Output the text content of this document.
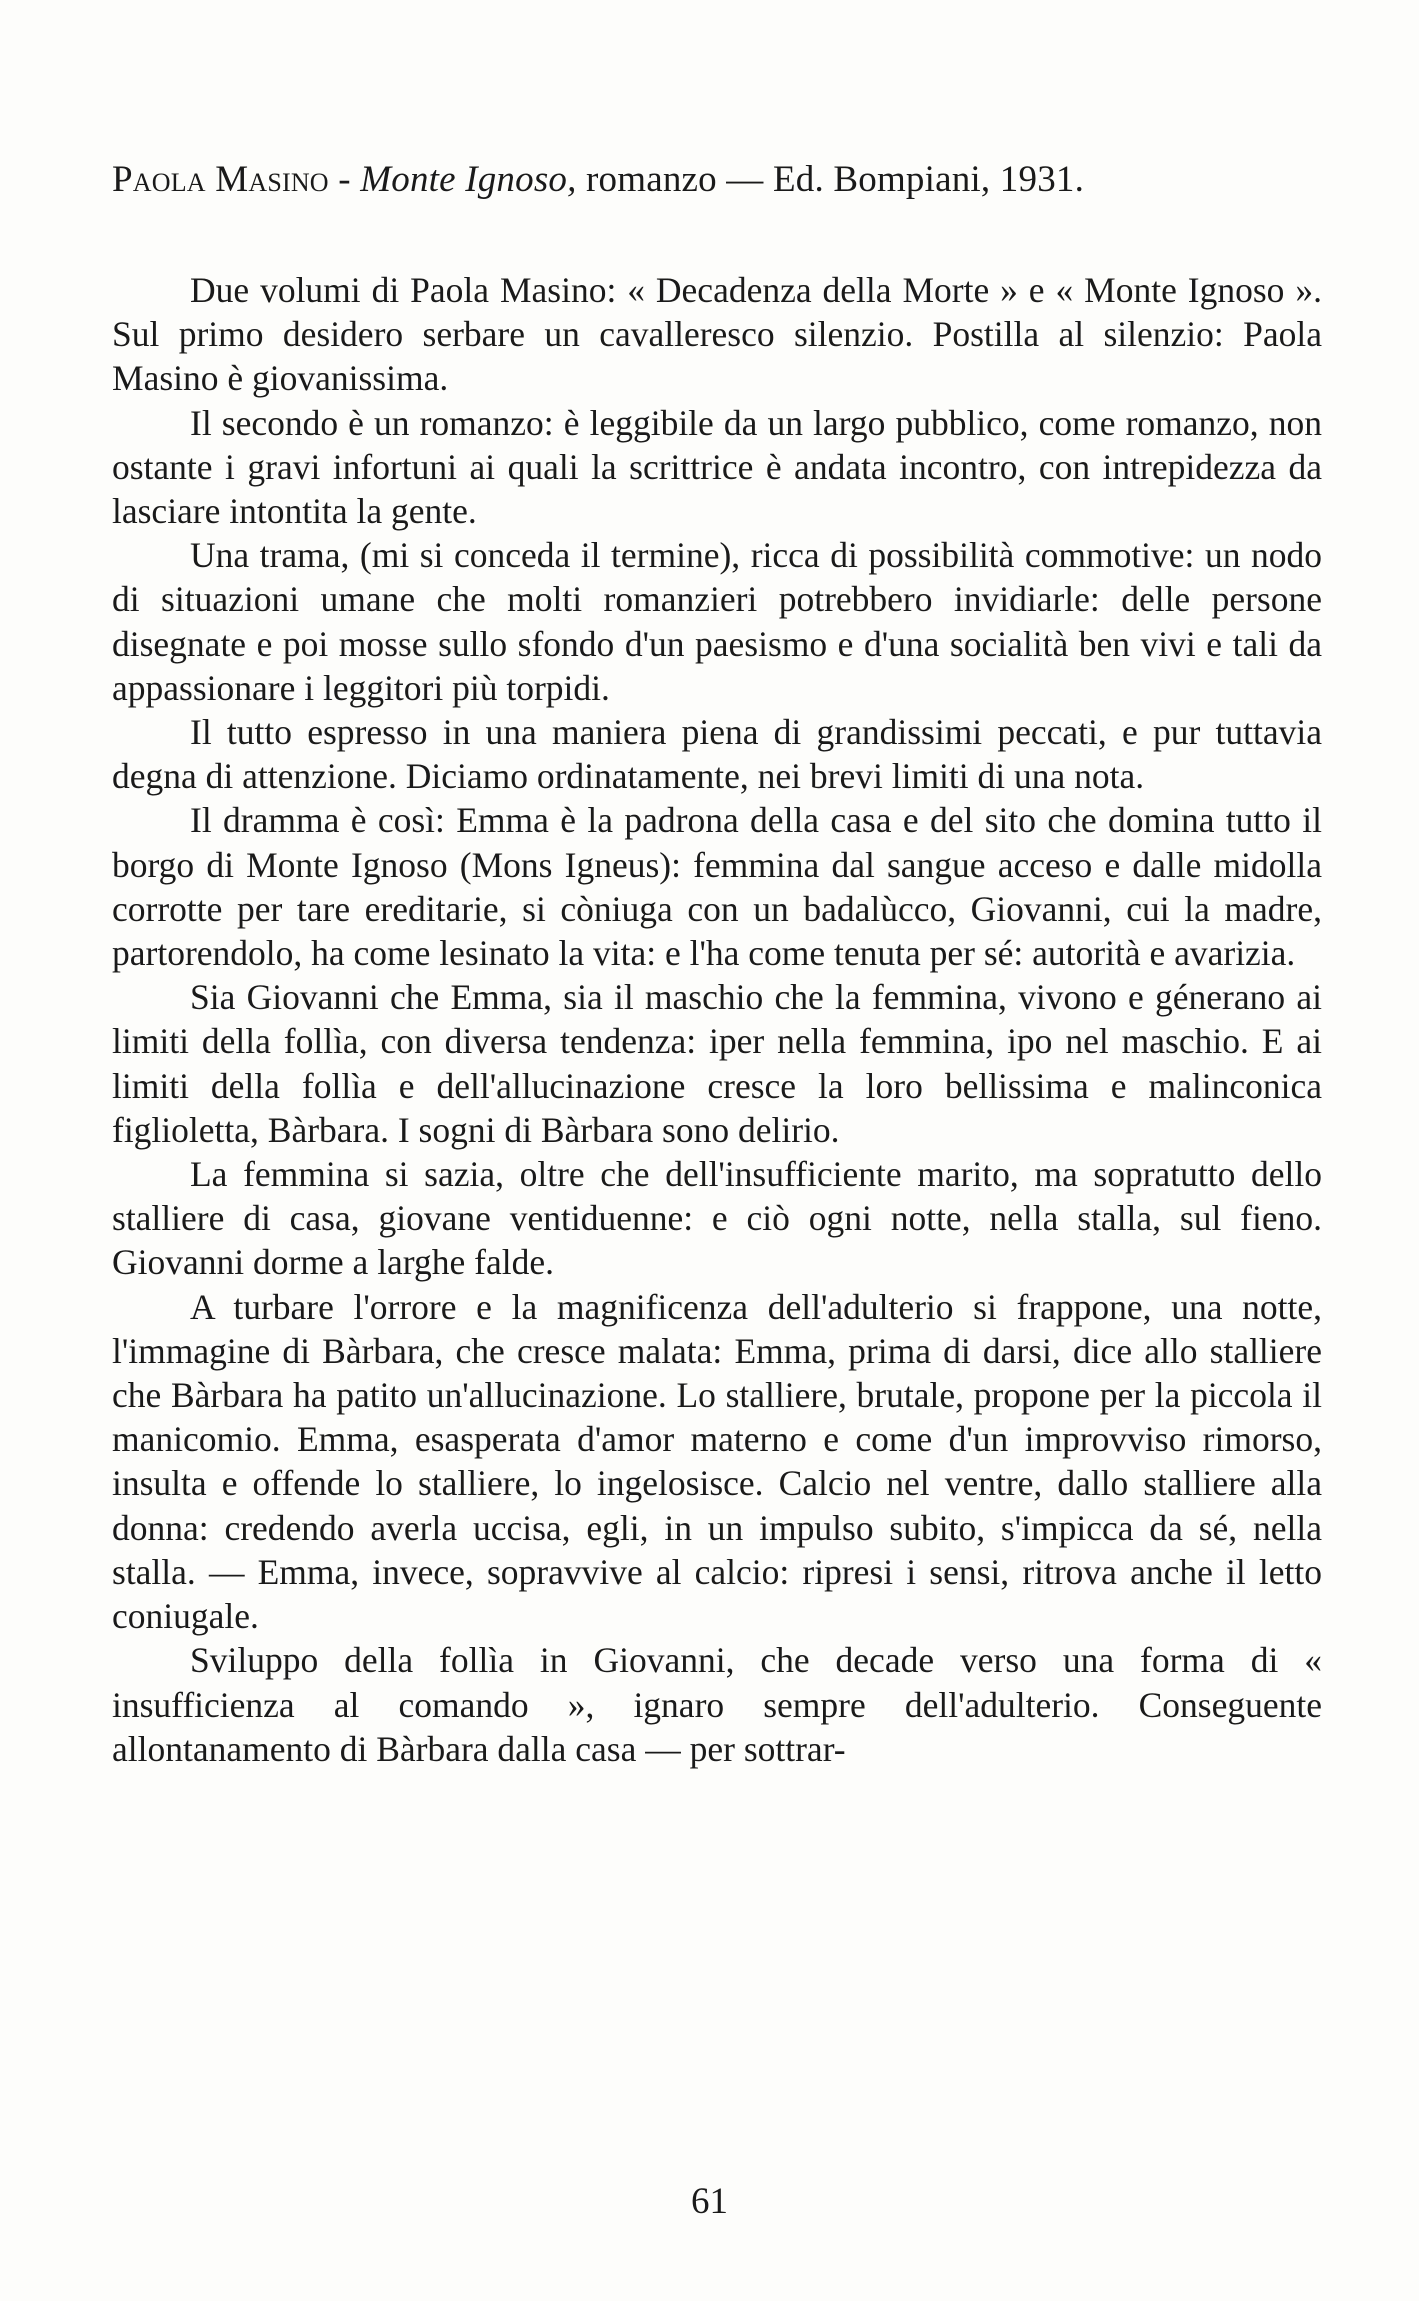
Paola Masino - Monte Ignoso, romanzo — Ed. Bompiani, 1931.

Due volumi di Paola Masino: « Decadenza della Morte » e « Monte Ignoso ». Sul primo desidero serbare un cavalleresco silenzio. Postilla al silenzio: Paola Masino è giovanissima.

Il secondo è un romanzo: è leggibile da un largo pubblico, come romanzo, non ostante i gravi infortuni ai quali la scrittrice è andata incontro, con intrepidezza da lasciare intontita la gente.

Una trama, (mi si conceda il termine), ricca di possibilità commotive: un nodo di situazioni umane che molti romanzieri potrebbero invidiarle: delle persone disegnate e poi mosse sullo sfondo d'un paesismo e d'una socialità ben vivi e tali da appassionare i leggitori più torpidi.

Il tutto espresso in una maniera piena di grandissimi peccati, e pur tuttavia degna di attenzione. Diciamo ordinatamente, nei brevi limiti di una nota.

Il dramma è così: Emma è la padrona della casa e del sito che domina tutto il borgo di Monte Ignoso (Mons Igneus): femmina dal sangue acceso e dalle midolla corrotte per tare ereditarie, si còniuga con un badalùcco, Giovanni, cui la madre, partorendolo, ha come lesinato la vita: e l'ha come tenuta per sé: autorità e avarizia.

Sia Giovanni che Emma, sia il maschio che la femmina, vivono e génerano ai limiti della follìa, con diversa tendenza: iper nella femmina, ipo nel maschio. E ai limiti della follìa e dell'allucinazione cresce la loro bellissima e malinconica figlioletta, Bàrbara. I sogni di Bàrbara sono delirio.

La femmina si sazia, oltre che dell'insufficiente marito, ma sopratutto dello stalliere di casa, giovane ventiduenne: e ciò ogni notte, nella stalla, sul fieno. Giovanni dorme a larghe falde.

A turbare l'orrore e la magnificenza dell'adulterio si frappone, una notte, l'immagine di Bàrbara, che cresce malata: Emma, prima di darsi, dice allo stalliere che Bàrbara ha patito un'allucinazione. Lo stalliere, brutale, propone per la piccola il manicomio. Emma, esasperata d'amor materno e come d'un improvviso rimorso, insulta e offende lo stalliere, lo ingelosisce. Calcio nel ventre, dallo stalliere alla donna: credendo averla uccisa, egli, in un impulso subito, s'impicca da sé, nella stalla. — Emma, invece, sopravvive al calcio: ripresi i sensi, ritrova anche il letto coniugale.

Sviluppo della follìa in Giovanni, che decade verso una forma di « insufficienza al comando », ignaro sempre dell'adulterio. Conseguente allontanamento di Bàrbara dalla casa — per sottrar-

61
